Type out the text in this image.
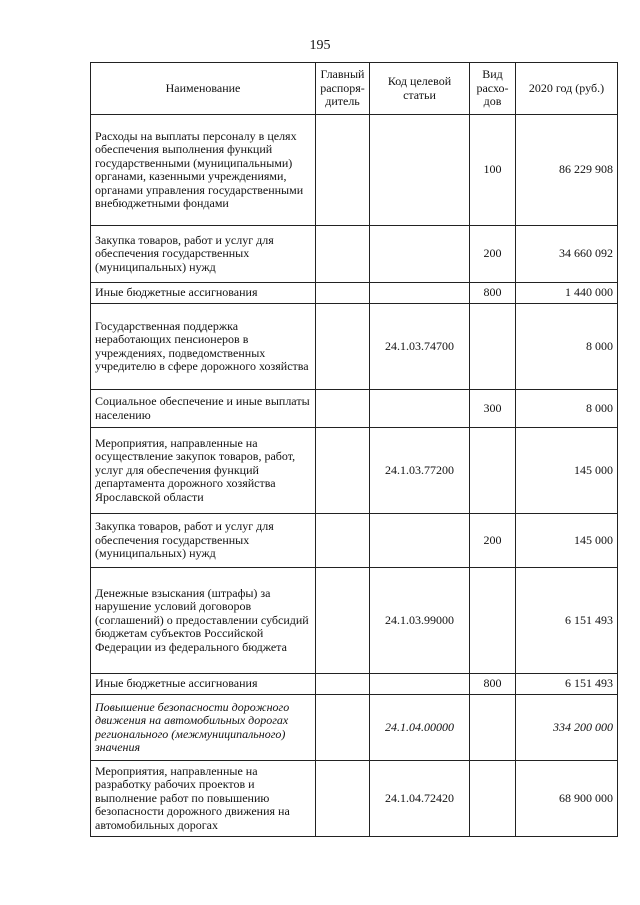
195
Наименование	Главный распоря-дитель	Код целевой статьи	Вид расхо-дов	2020 год (руб.)
Расходы на выплаты персоналу в целях обеспечения выполнения функций государственными (муниципальными) органами, казенными учреждениями, органами управления государственными внебюджетными фондами			100	86 229 908
Закупка товаров, работ и услуг для обеспечения государственных (муниципальных) нужд			200	34 660 092
Иные бюджетные ассигнования			800	1 440 000
Государственная поддержка неработающих пенсионеров в учреждениях, подведомственных учредителю в сфере дорожного хозяйства		24.1.03.74700		8 000
Социальное обеспечение и иные выплаты населению			300	8 000
Мероприятия, направленные на осуществление закупок товаров, работ, услуг для обеспечения функций департамента дорожного хозяйства Ярославской области		24.1.03.77200		145 000
Закупка товаров, работ и услуг для обеспечения государственных (муниципальных) нужд			200	145 000
Денежные взыскания (штрафы) за нарушение условий договоров (соглашений) о предоставлении субсидий бюджетам субъектов Российской Федерации из федерального бюджета		24.1.03.99000		6 151 493
Иные бюджетные ассигнования			800	6 151 493
Повышение безопасности дорожного движения на автомобильных дорогах регионального (межмуниципального) значения		24.1.04.00000		334 200 000
Мероприятия, направленные на разработку рабочих проектов и выполнение работ по повышению безопасности дорожного движения на автомобильных дорогах		24.1.04.72420		68 900 000
